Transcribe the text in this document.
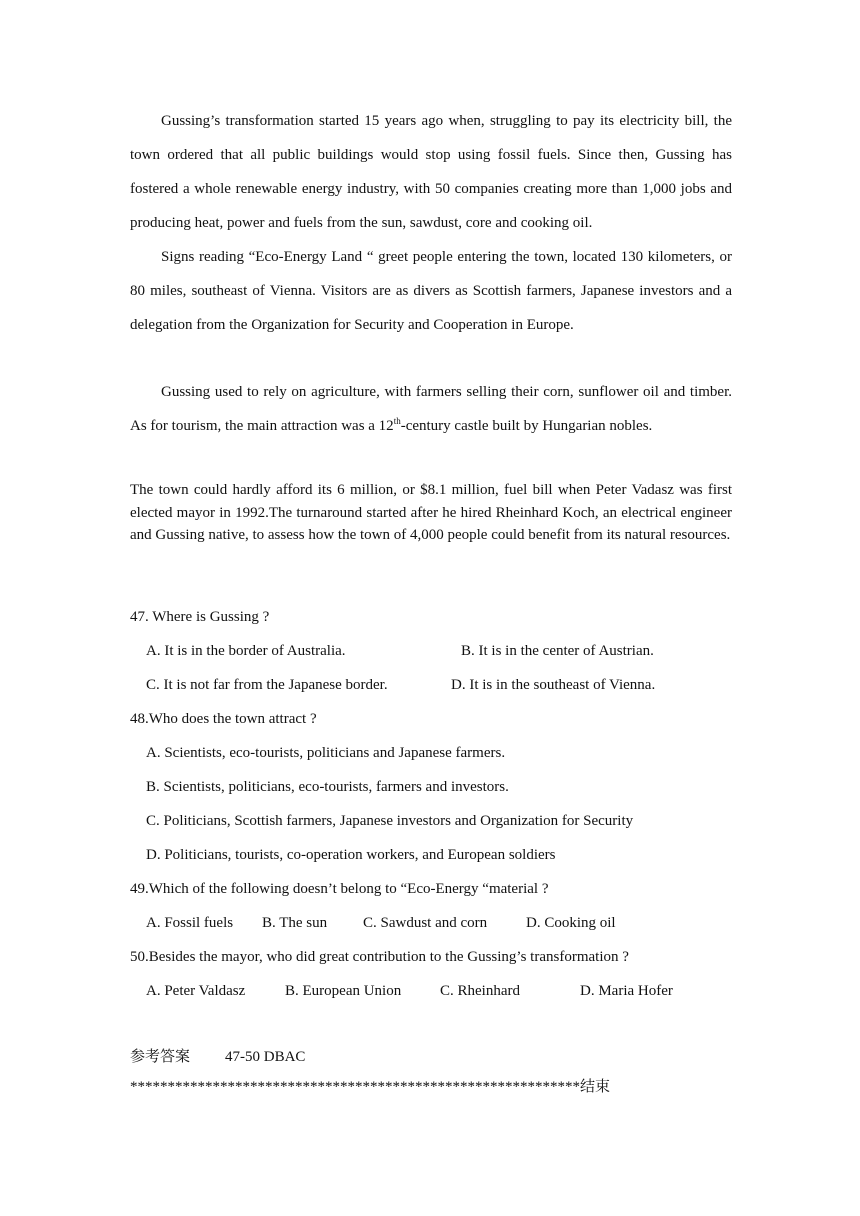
Gussing’s transformation started 15 years ago when, struggling to pay its electricity bill, the town ordered that all public buildings would stop using fossil fuels. Since then, Gussing has fostered a whole renewable energy industry, with 50 companies creating more than 1,000 jobs and producing heat, power and fuels from the sun, sawdust, core and cooking oil.

Signs reading “Eco-Energy Land “ greet people entering the town, located 130 kilometers, or 80 miles, southeast of Vienna. Visitors are as divers as Scottish farmers, Japanese investors and a delegation from the Organization for Security and Cooperation in Europe.

Gussing used to rely on agriculture, with farmers selling their corn, sunflower oil and timber. As for tourism, the main attraction was a 12th-century castle built by Hungarian nobles.

The town could hardly afford its 6 million, or $8.1 million, fuel bill when Peter Vadasz was first elected mayor in 1992.The turnaround started after he hired Rheinhard Koch, an electrical engineer and Gussing native, to assess how the town of 4,000 people could benefit from its natural resources.

47. Where is Gussing ?
A. It is in the border of Australia.	B. It is in the center of Austrian.
C. It is not far from the Japanese border.	D. It is in the southeast of Vienna.
48.Who does the town attract ?
A. Scientists, eco-tourists, politicians and Japanese farmers.
B. Scientists, politicians, eco-tourists, farmers and investors.
C. Politicians, Scottish farmers, Japanese investors and Organization for Security
D. Politicians, tourists, co-operation workers, and European soldiers
49.Which of the following doesn’t belong to “Eco-Energy “material ?
A. Fossil fuels B. The sun C. Sawdust and corn	D. Cooking oil
50.Besides the mayor, who did great contribution to the Gussing’s transformation ?
A. Peter Valdasz	B. European Union	C. Rheinhard	D. Maria Hofer
参考答案 47-50 DBAC
************************************************************结束
